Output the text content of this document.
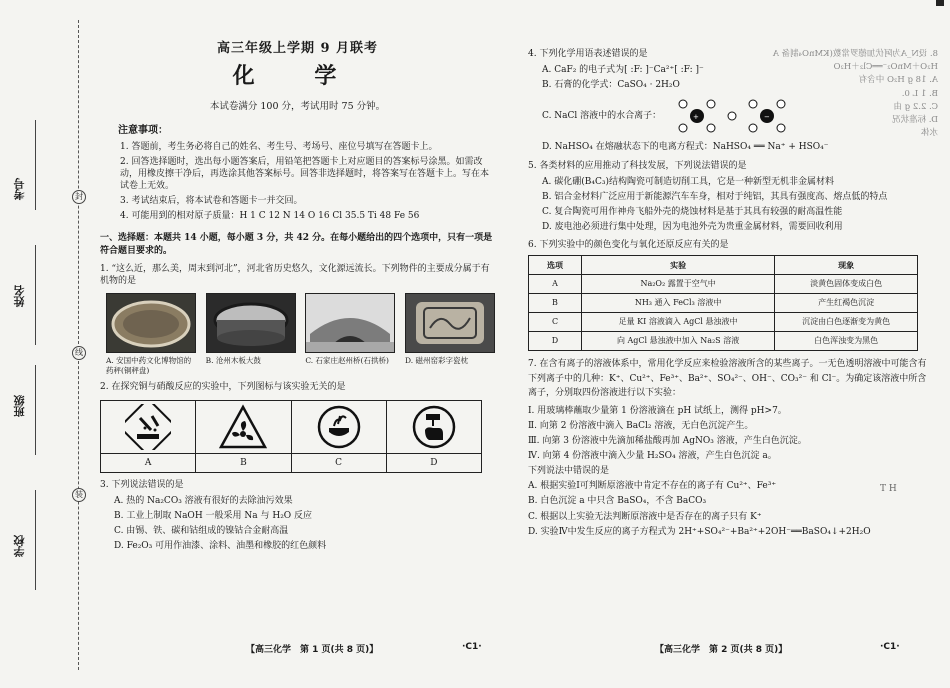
考号
姓名
班级
学校
封
线
装
高三年级上学期 9 月联考
化 学
本试卷满分 100 分，考试用时 75 分钟。
注意事项：
1. 答题前，考生务必将自己的姓名、考生号、考场号、座位号填写在答题卡上。
2. 回答选择题时，选出每小题答案后，用铅笔把答题卡上对应题目的答案标号涂黑。如需改动，用橡皮擦干净后，再选涂其他答案标号。回答非选择题时，将答案写在答题卡上。写在本试卷上无效。
3. 考试结束后，将本试卷和答题卡一并交回。
4. 可能用到的相对原子质量：H 1 C 12 N 14 O 16 Cl 35.5 Ti 48 Fe 56
一、选择题：本题共 14 小题，每小题 3 分，共 42 分。在每小题给出的四个选项中，只有一项是符合题目要求的。

1. “这么近，那么美，周末到河北”，河北省历史悠久，文化源远流长。下列物件的主要成分属于有机物的是

A. 安国中药文化博物馆的药秤(铜秤盘)
B. 沧州木板大鼓	C. 石家庄赵州桥(石拱桥)	D. 磁州窑彩字瓷枕

2. 在探究铜与硝酸反应的实验中，下列图标与该实验无关的是

A	B	C	D

3. 下列说法错误的是

A. 热的 Na₂CO₃ 溶液有很好的去除油污效果
B. 工业上制取 NaOH 一般采用 Na 与 H₂O 反应
C. 由锡、铁、碳和钴组成的镍钴合金耐高温
D. Fe₂O₃ 可用作油漆、涂料、油墨和橡胶的红色颜料
【高三化学　第 1 页(共 8 页)】	·C1·

4. 下列化学用语表述错误的是

A. CaF₂ 的电子式为[ :F: ]⁻Ca²⁺[ :F: ]⁻
B. 石膏的化学式：CaSO₄ · 2H₂O
C. NaCl 溶液中的水合离子：	+	−
D. NaHSO₄ 在熔融状态下的电离方程式：NaHSO₄ ══ Na⁺ + HSO₄⁻

5. 各类材料的应用推动了科技发展，下列说法错误的是

A. 碳化硼(B₄C₃)结构陶瓷可制造切削工具，它是一种新型无机非金属材料
B. 铝合金材料广泛应用于新能源汽车车身，相对于纯铝，其具有强度高、熔点低的特点
C. 复合陶瓷可用作神舟飞船外壳的烧蚀材料是基于其具有较强的耐高温性能
D. 废电池必须进行集中处理，因为电池外壳为贵重金属材料，需要回收利用

6. 下列实验中的颜色变化与氧化还原反应有关的是

选项	实验	现象
A	Na₂O₂ 露置于空气中	淡黄色固体变成白色
B	NH₃ 通入 FeCl₃ 溶液中	产生红褐色沉淀
C	足量 KI 溶液滴入 AgCl 悬浊液中	沉淀由白色逐渐变为黄色
D	向 AgCl 悬浊液中加入 Na₂S 溶液	白色浑浊变为黑色

7. 在含有离子的溶液体系中，常用化学反应来检验溶液所含的某些离子。一无色透明溶液中可能含有下列离子中的几种：K⁺、Cu²⁺、Fe³⁺、Ba²⁺、SO₄²⁻、OH⁻、CO₃²⁻ 和 Cl⁻。为确定该溶液中所含离子，分别取四份溶液进行以下实验：

Ⅰ. 用玻璃棒蘸取少量第 1 份溶液滴在 pH 试纸上，测得 pH>7。
Ⅱ. 向第 2 份溶液中滴入 BaCl₂ 溶液，无白色沉淀产生。
Ⅲ. 向第 3 份溶液中先滴加稀盐酸再加 AgNO₃ 溶液，产生白色沉淀。
Ⅳ. 向第 4 份溶液中滴入少量 H₂SO₄ 溶液，产生白色沉淀 a。
下列说法中错误的是
A. 根据实验Ⅰ可判断原溶液中肯定不存在的离子有 Cu²⁺、Fe³⁺
B. 白色沉淀 a 中只含 BaSO₄，不含 BaCO₃
C. 根据以上实验无法判断原溶液中是否存在的离子只有 K⁺
D. 实验Ⅳ中发生反应的离子方程式为 2H⁺+SO₄²⁻+Ba²⁺+2OH⁻══BaSO₄↓+2H₂O
【高三化学　第 2 页(共 8 页)】	·C1·
8. 设N_A为阿伏加德罗常数(KMnO₄制备 A
H₂O＋MnO₂⁻══Cl₂＋H₂O
A. 18 g H₂O 中含有
B. 1 L 0.
C. 2.2 g 由
D. 标准状况
水体
T H
